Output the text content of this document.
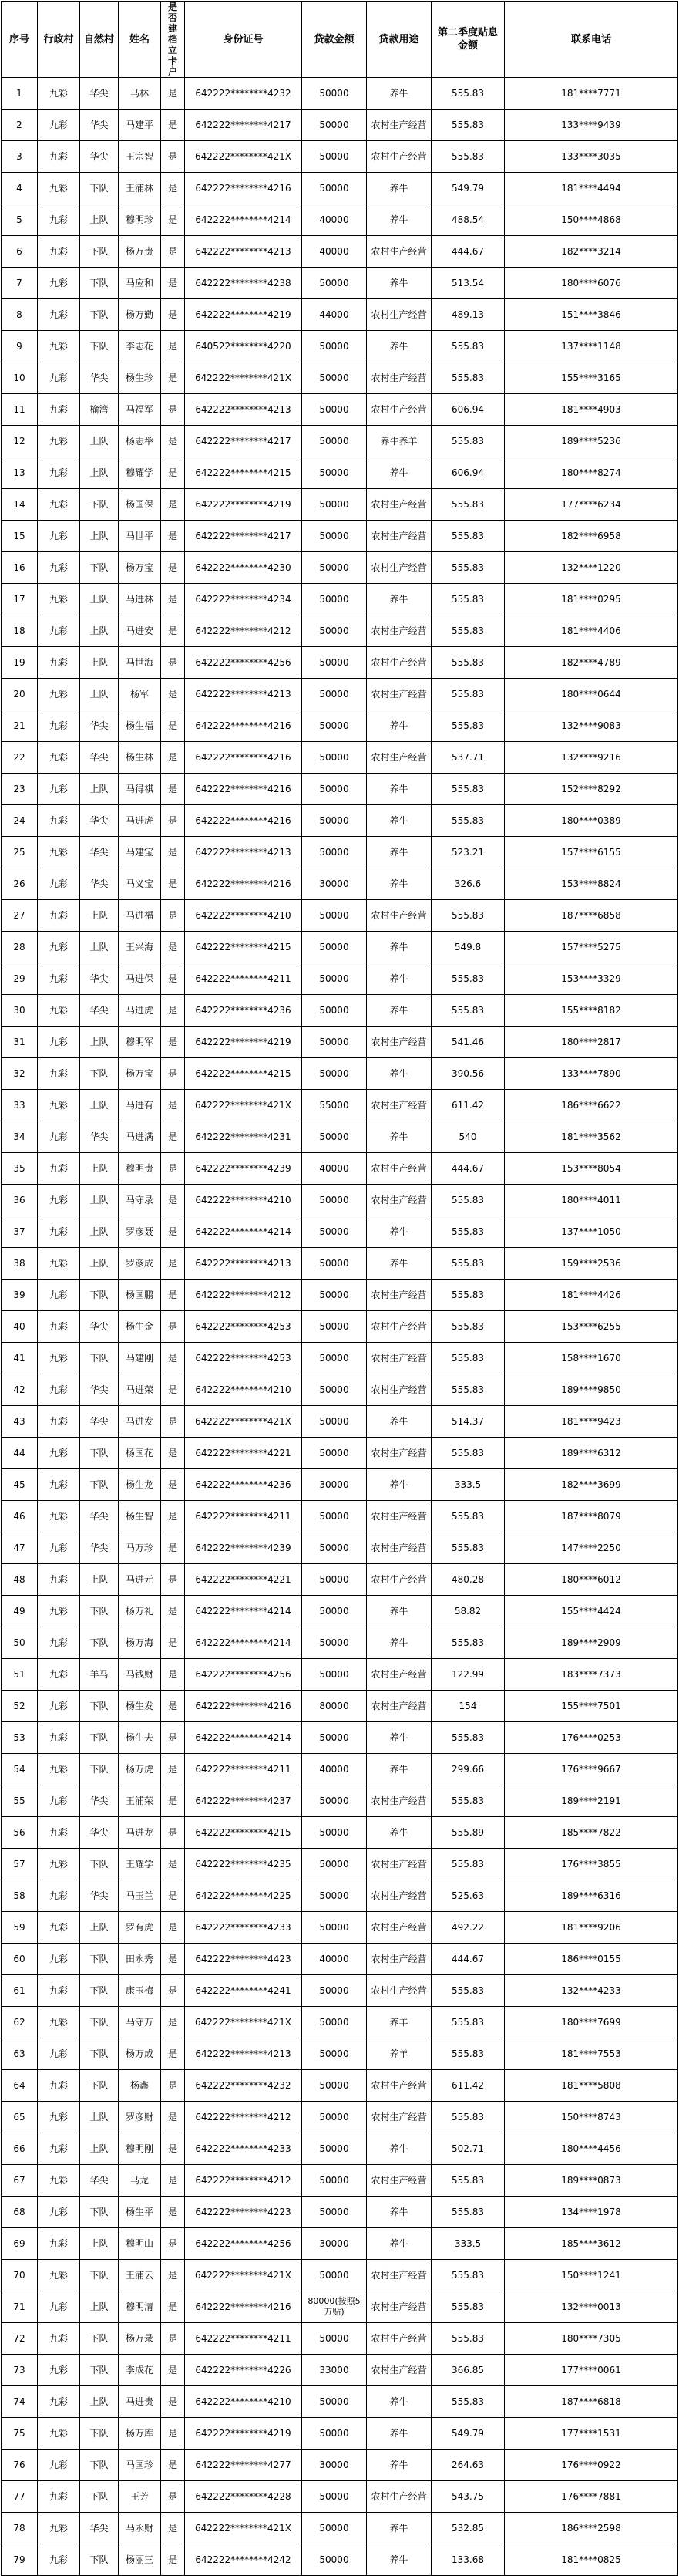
序号	行政村	自然村	姓名	是否建档立卡户	身份证号	贷款金额	贷款用途	第二季度贴息金额	联系电话
1	九彩	华尖	马林	是	642222********4232	50000	养牛	555.83	181****7771
2	九彩	华尖	马建平	是	642222********4217	50000	农村生产经营	555.83	133****9439
3	九彩	华尖	王宗智	是	642222********421X	50000	农村生产经营	555.83	133****3035
4	九彩	下队	王浦林	是	642222********4216	50000	养牛	549.79	181****4494
5	九彩	上队	穆明珍	是	642222********4214	40000	养牛	488.54	150****4868
6	九彩	下队	杨万贵	是	642222********4213	40000	农村生产经营	444.67	182****3214
7	九彩	下队	马应和	是	642222********4238	50000	养牛	513.54	180****6076
8	九彩	下队	杨万勤	是	642222********4219	44000	农村生产经营	489.13	151****3846
9	九彩	下队	李志花	是	640522********4220	50000	养牛	555.83	137****1148
10	九彩	华尖	杨生珍	是	642222********421X	50000	农村生产经营	555.83	155****3165
11	九彩	榆湾	马福军	是	642222********4213	50000	农村生产经营	606.94	181****4903
12	九彩	上队	杨志举	是	642222********4217	50000	养牛养羊	555.83	189****5236
13	九彩	上队	穆耀学	是	642222********4215	50000	养牛	606.94	180****8274
14	九彩	下队	杨国保	是	642222********4219	50000	农村生产经营	555.83	177****6234
15	九彩	上队	马世平	是	642222********4217	50000	农村生产经营	555.83	182****6958
16	九彩	下队	杨万宝	是	642222********4230	50000	农村生产经营	555.83	132****1220
17	九彩	上队	马进林	是	642222********4234	50000	养牛	555.83	181****0295
18	九彩	上队	马进安	是	642222********4212	50000	农村生产经营	555.83	181****4406
19	九彩	上队	马世海	是	642222********4256	50000	农村生产经营	555.83	182****4789
20	九彩	上队	杨军	是	642222********4213	50000	农村生产经营	555.83	180****0644
21	九彩	华尖	杨生福	是	642222********4216	50000	养牛	555.83	132****9083
22	九彩	华尖	杨生林	是	642222********4216	50000	农村生产经营	537.71	132****9216
23	九彩	上队	马得祺	是	642222********4216	50000	养牛	555.83	152****8292
24	九彩	华尖	马进虎	是	642222********4216	50000	养牛	555.83	180****0389
25	九彩	华尖	马建宝	是	642222********4213	50000	养牛	523.21	157****6155
26	九彩	华尖	马义宝	是	642222********4216	30000	养牛	326.6	153****8824
27	九彩	上队	马进福	是	642222********4210	50000	农村生产经营	555.83	187****6858
28	九彩	上队	王兴海	是	642222********4215	50000	养牛	549.8	157****5275
29	九彩	华尖	马进保	是	642222********4211	50000	养牛	555.83	153****3329
30	九彩	华尖	马进虎	是	642222********4236	50000	养牛	555.83	155****8182
31	九彩	上队	穆明军	是	642222********4219	50000	农村生产经营	541.46	180****2817
32	九彩	下队	杨万宝	是	642222********4215	50000	养牛	390.56	133****7890
33	九彩	上队	马进有	是	642222********421X	55000	农村生产经营	611.42	186****6622
34	九彩	华尖	马进满	是	642222********4231	50000	养牛	540	181****3562
35	九彩	上队	穆明贵	是	642222********4239	40000	农村生产经营	444.67	153****8054
36	九彩	上队	马守录	是	642222********4210	50000	农村生产经营	555.83	180****4011
37	九彩	上队	罗彦聂	是	642222********4214	50000	养牛	555.83	137****1050
38	九彩	上队	罗彦成	是	642222********4213	50000	养牛	555.83	159****2536
39	九彩	下队	杨国鹏	是	642222********4212	50000	农村生产经营	555.83	181****4426
40	九彩	华尖	杨生金	是	642222********4253	50000	农村生产经营	555.83	153****6255
41	九彩	下队	马建刚	是	642222********4253	50000	农村生产经营	555.83	158****1670
42	九彩	华尖	马进荣	是	642222********4210	50000	农村生产经营	555.83	189****9850
43	九彩	华尖	马进发	是	642222********421X	50000	养牛	514.37	181****9423
44	九彩	下队	杨国花	是	642222********4221	50000	农村生产经营	555.83	189****6312
45	九彩	下队	杨生龙	是	642222********4236	30000	养牛	333.5	182****3699
46	九彩	华尖	杨生智	是	642222********4211	50000	农村生产经营	555.83	187****8079
47	九彩	华尖	马万珍	是	642222********4239	50000	农村生产经营	555.83	147****2250
48	九彩	上队	马进元	是	642222********4221	50000	农村生产经营	480.28	180****6012
49	九彩	下队	杨万礼	是	642222********4214	50000	养牛	58.82	155****4424
50	九彩	下队	杨万海	是	642222********4214	50000	养牛	555.83	189****2909
51	九彩	羊马	马钱财	是	642222********4256	50000	农村生产经营	122.99	183****7373
52	九彩	下队	杨生发	是	642222********4216	80000	农村生产经营	154	155****7501
53	九彩	下队	杨生夫	是	642222********4214	50000	养牛	555.83	176****0253
54	九彩	下队	杨万虎	是	642222********4211	40000	养牛	299.66	176****9667
55	九彩	华尖	王浦荣	是	642222********4237	50000	农村生产经营	555.83	189****2191
56	九彩	华尖	马进龙	是	642222********4215	50000	养牛	555.89	185****7822
57	九彩	下队	王耀学	是	642222********4235	50000	农村生产经营	555.83	176****3855
58	九彩	华尖	马玉兰	是	642222********4225	50000	农村生产经营	525.63	189****6316
59	九彩	上队	罗有虎	是	642222********4233	50000	农村生产经营	492.22	181****9206
60	九彩	下队	田永秀	是	642222********4423	40000	农村生产经营	444.67	186****0155
61	九彩	下队	康玉梅	是	642222********4241	50000	农村生产经营	555.83	132****4233
62	九彩	下队	马守万	是	642222********421X	50000	养羊	555.83	180****7699
63	九彩	下队	杨万成	是	642222********4213	50000	养羊	555.83	181****7553
64	九彩	下队	杨鑫	是	642222********4232	50000	农村生产经营	611.42	181****5808
65	九彩	上队	罗彦财	是	642222********4212	50000	农村生产经营	555.83	150****8743
66	九彩	上队	穆明刚	是	642222********4233	50000	养牛	502.71	180****4456
67	九彩	华尖	马龙	是	642222********4212	50000	农村生产经营	555.83	189****0873
68	九彩	下队	杨生平	是	642222********4223	50000	养牛	555.83	134****1978
69	九彩	上队	穆明山	是	642222********4256	30000	养牛	333.5	185****3612
70	九彩	下队	王浦云	是	642222********421X	50000	农村生产经营	555.83	150****1241
71	九彩	上队	穆明清	是	642222********4216	80000(按照5万贴)	农村生产经营	555.83	132****0013
72	九彩	下队	杨万录	是	642222********4211	50000	农村生产经营	555.83	180****7305
73	九彩	下队	李成花	是	642222********4226	33000	农村生产经营	366.85	177****0061
74	九彩	上队	马进贵	是	642222********4210	50000	养牛	555.83	187****6818
75	九彩	下队	杨万库	是	642222********4219	50000	养牛	549.79	177****1531
76	九彩	下队	马国珍	是	642222********4277	30000	养牛	264.63	176****0922
77	九彩	下队	王芳	是	642222********4228	50000	农村生产经营	543.75	176****7881
78	九彩	华尖	马永财	是	642222********421X	50000	养牛	532.85	186****2598
79	九彩	下队	杨丽三	是	642222********4242	50000	养牛	133.68	181****0825
